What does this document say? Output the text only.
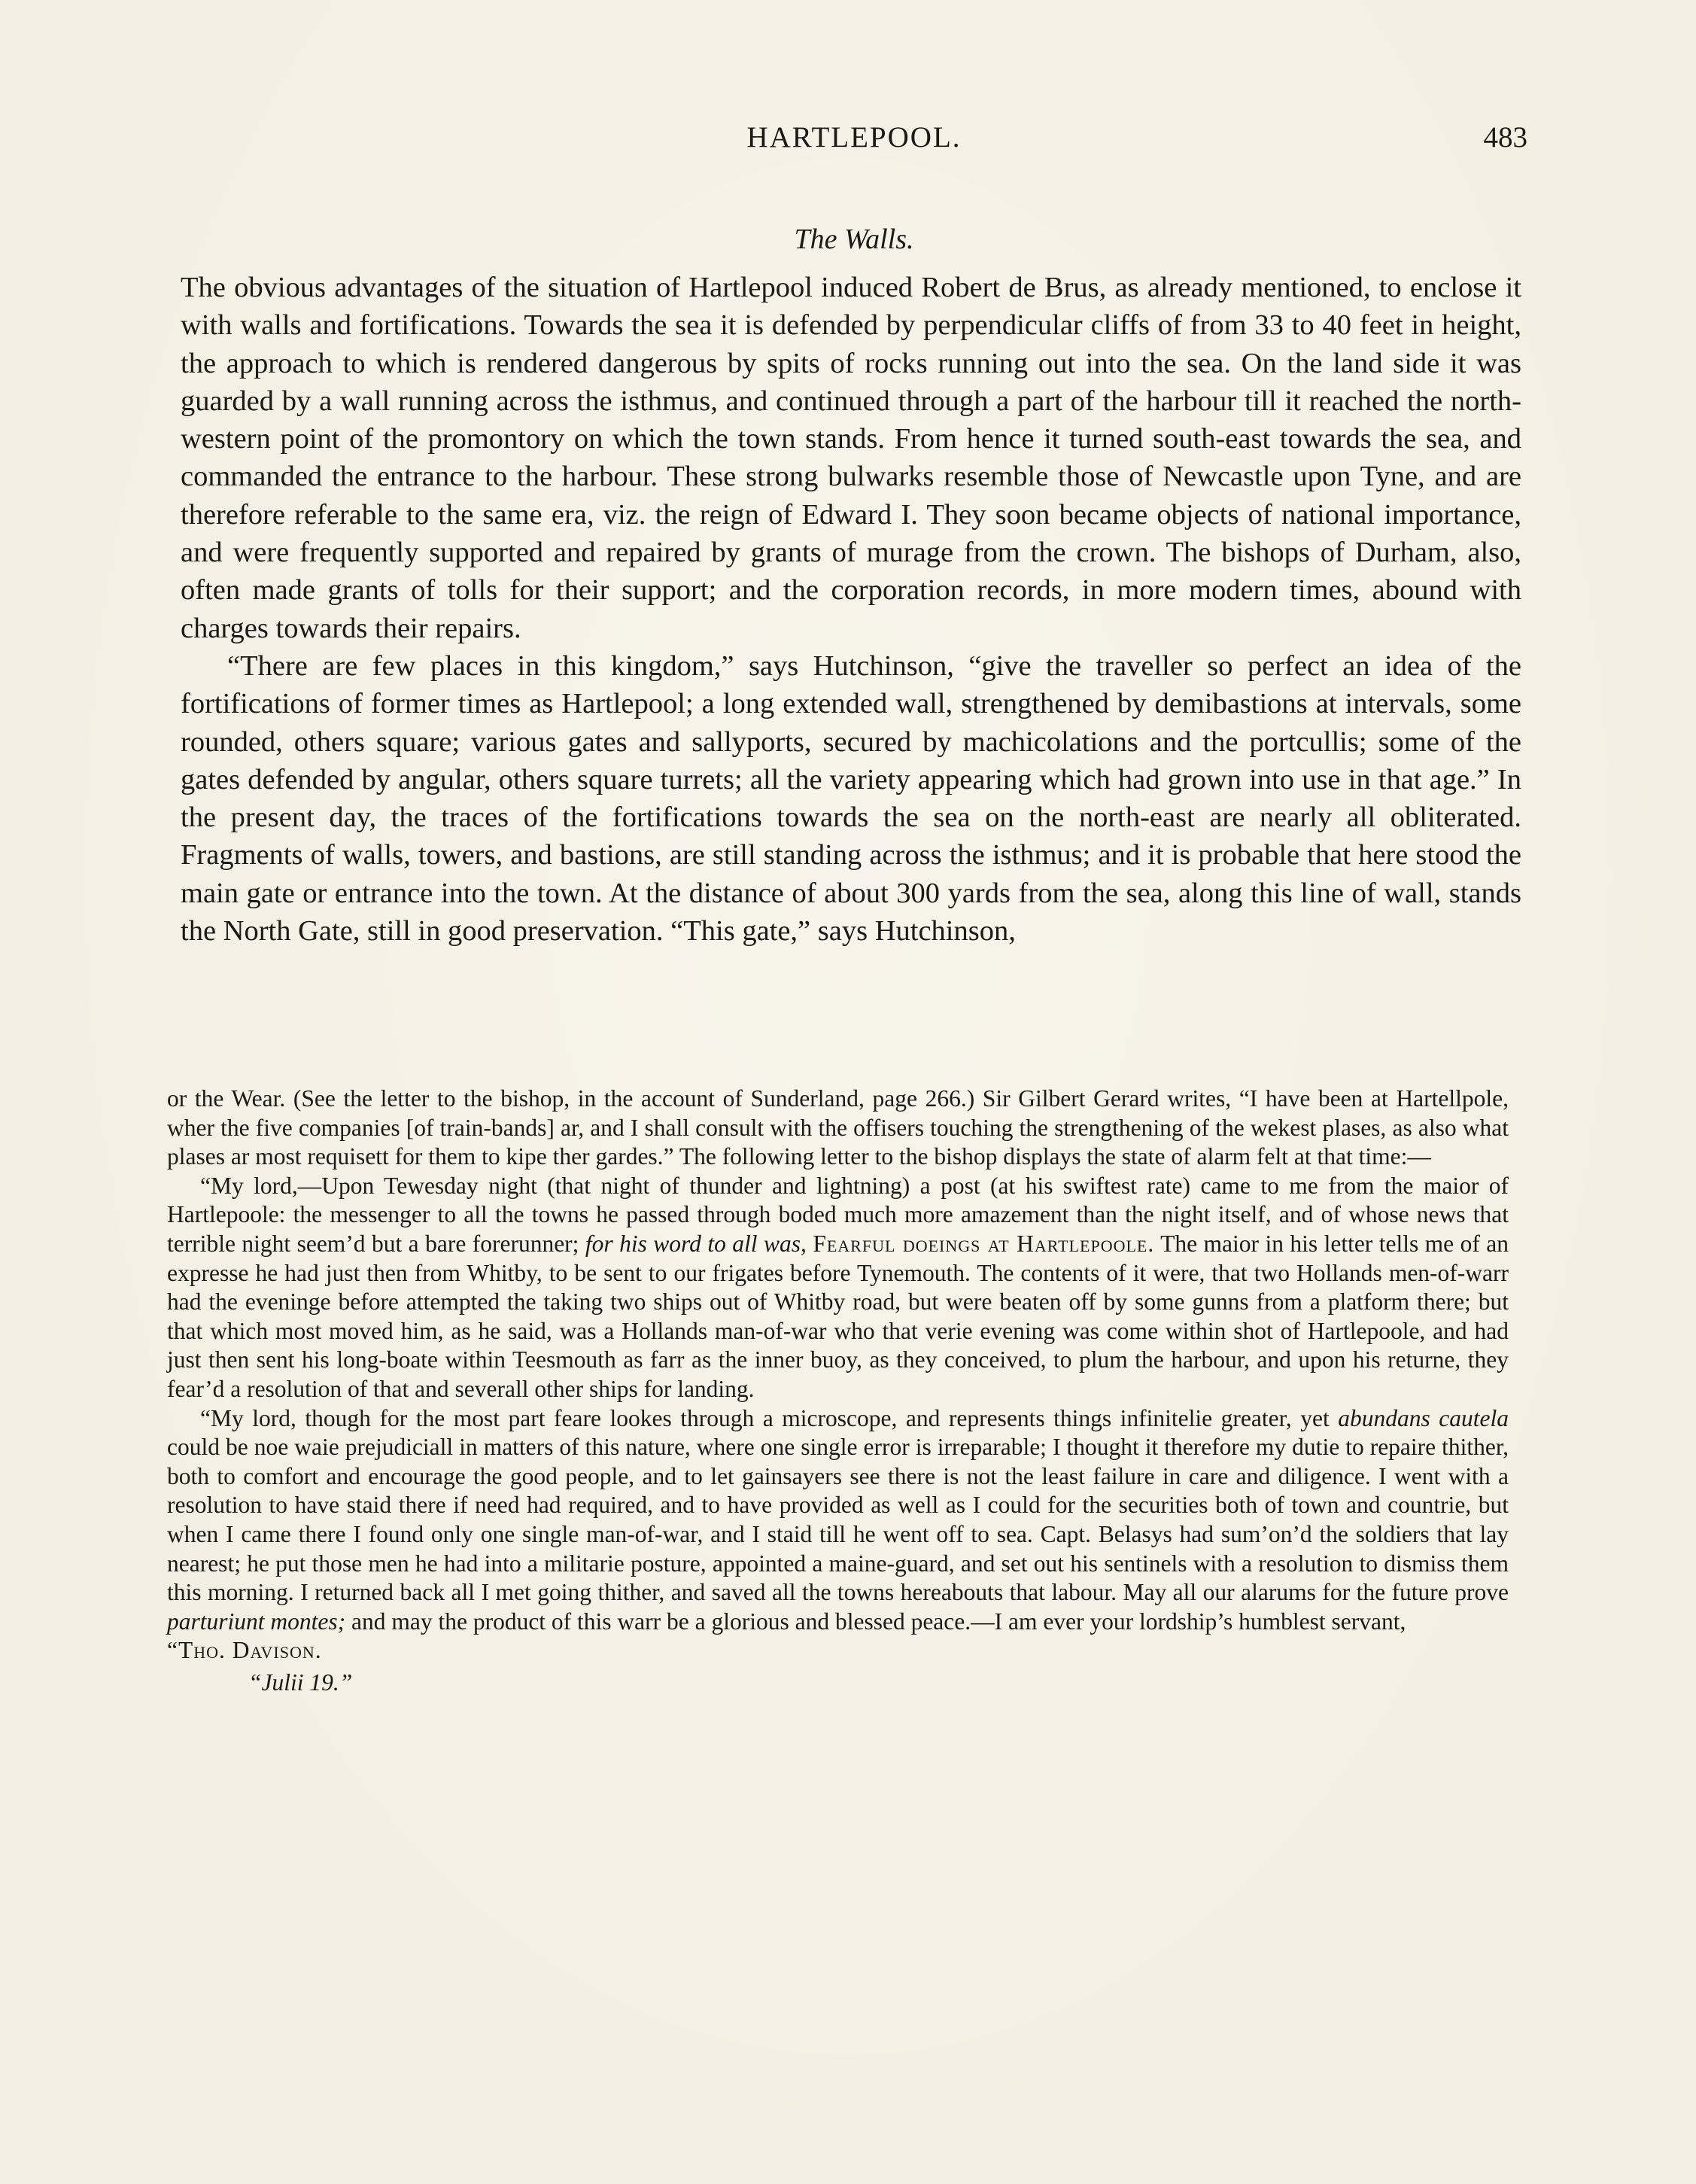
HARTLEPOOL.	483
The Walls.

The obvious advantages of the situation of Hartlepool induced Robert de Brus, as already mentioned, to enclose it with walls and fortifications. Towards the sea it is defended by perpendicular cliffs of from 33 to 40 feet in height, the approach to which is rendered dangerous by spits of rocks running out into the sea. On the land side it was guarded by a wall running across the isthmus, and continued through a part of the harbour till it reached the north-western point of the promontory on which the town stands. From hence it turned south-east towards the sea, and commanded the entrance to the harbour. These strong bulwarks resemble those of Newcastle upon Tyne, and are therefore referable to the same era, viz. the reign of Edward I. They soon became objects of national importance, and were frequently supported and repaired by grants of murage from the crown. The bishops of Durham, also, often made grants of tolls for their support; and the corporation records, in more modern times, abound with charges towards their repairs.

“There are few places in this kingdom,” says Hutchinson, “give the traveller so perfect an idea of the fortifications of former times as Hartlepool; a long extended wall, strengthened by demibastions at intervals, some rounded, others square; various gates and sallyports, secured by machicolations and the portcullis; some of the gates defended by angular, others square turrets; all the variety appearing which had grown into use in that age.” In the present day, the traces of the fortifications towards the sea on the north-east are nearly all obliterated. Fragments of walls, towers, and bastions, are still standing across the isthmus; and it is probable that here stood the main gate or entrance into the town. At the distance of about 300 yards from the sea, along this line of wall, stands the North Gate, still in good preservation. “This gate,” says Hutchinson,

or the Wear. (See the letter to the bishop, in the account of Sunderland, page 266.) Sir Gilbert Gerard writes, “I have been at Hartellpole, wher the five companies [of train-bands] ar, and I shall consult with the offisers touching the strengthening of the wekest plases, as also what plases ar most requisett for them to kipe ther gardes.” The following letter to the bishop displays the state of alarm felt at that time:—

“My lord,—Upon Tewesday night (that night of thunder and lightning) a post (at his swiftest rate) came to me from the maior of Hartlepoole: the messenger to all the towns he passed through boded much more amazement than the night itself, and of whose news that terrible night seem’d but a bare forerunner; for his word to all was, Fearful doeings at Hartlepoole. The maior in his letter tells me of an expresse he had just then from Whitby, to be sent to our frigates before Tynemouth. The contents of it were, that two Hollands men-of-warr had the eveninge before attempted the taking two ships out of Whitby road, but were beaten off by some gunns from a platform there; but that which most moved him, as he said, was a Hollands man-of-war who that verie evening was come within shot of Hartlepoole, and had just then sent his long-boate within Teesmouth as farr as the inner buoy, as they conceived, to plum the harbour, and upon his returne, they fear’d a resolution of that and severall other ships for landing.

“My lord, though for the most part feare lookes through a microscope, and represents things infinitelie greater, yet abundans cautela could be noe waie prejudiciall in matters of this nature, where one single error is irreparable; I thought it therefore my dutie to repaire thither, both to comfort and encourage the good people, and to let gainsayers see there is not the least failure in care and diligence. I went with a resolution to have staid there if need had required, and to have provided as well as I could for the securities both of town and countrie, but when I came there I found only one single man-of-war, and I staid till he went off to sea. Capt. Belasys had sum’on’d the soldiers that lay nearest; he put those men he had into a militarie posture, appointed a maine-guard, and set out his sentinels with a resolution to dismiss them this morning. I returned back all I met going thither, and saved all the towns hereabouts that labour. May all our alarums for the future prove parturiunt montes; and may the product of this warr be a glorious and blessed peace.—I am ever your lordship’s humblest servant,

“Tho. Davison.

“Julii 19.”
